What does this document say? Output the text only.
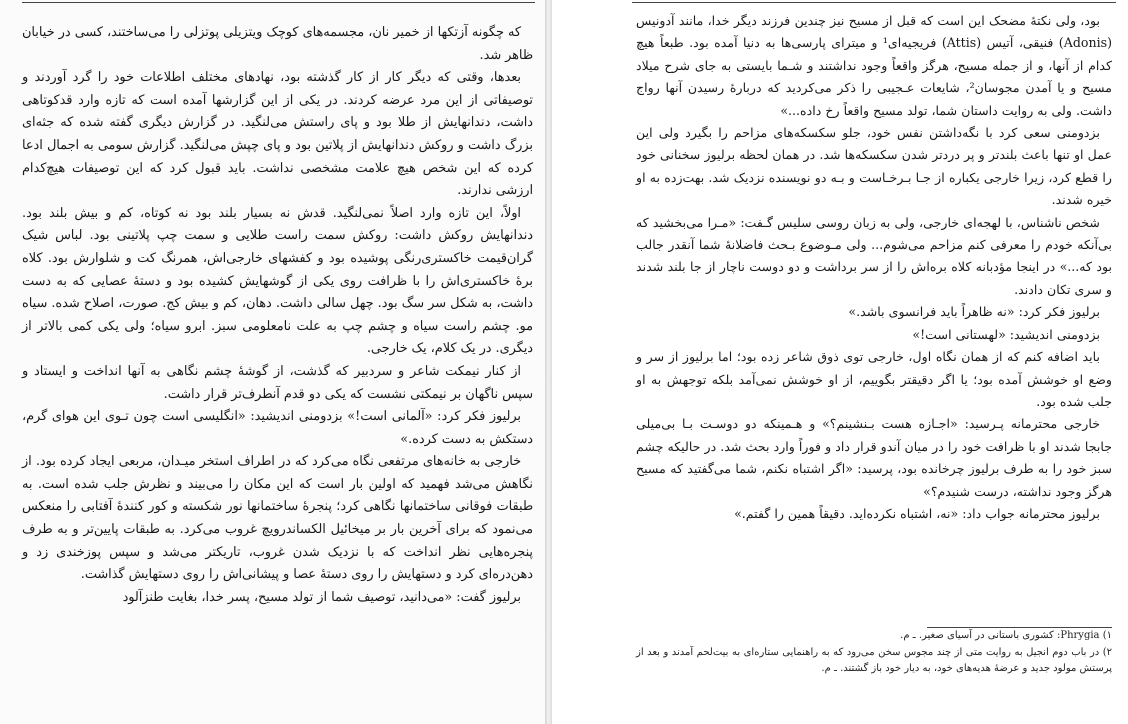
که چگونه آزتکها از خمیر نان، مجسمه‌های کوچک ویتزیلی پوتزلی را می‌ساختند، کسی در خیابان ظاهر شد.

بعدها، وقتی که دیگر کار از کار گذشته بود، نهادهای مختلف اطلاعات خود را گرد آوردند و توصیفاتی از این مرد عرضه کردند. در یکی از این گزارشها آمده است که تازه وارد قدکوتاهی داشت، دندانهایش از طلا بود و پای راستش می‌لنگید. در گزارش دیگری گفته شده که جثه‌ای بزرگ داشت و روکش دندانهایش از پلاتین بود و پای چپش می‌لنگید. گزارش سومی به اجمال ادعا کرده که این شخص هیچ علامت مشخصی نداشت. باید قبول کرد که این توصیفات هیچ‌کدام ارزشی ندارند.

اولاً، این تازه وارد اصلاً نمی‌لنگید. قدش نه بسیار بلند بود نه کوتاه، کم و بیش بلند بود. دندانهایش روکش داشت: روکش سمت راست طلایی و سمت چپ پلاتینی بود. لباس شیک گران‌قیمت خاکستری‌رنگی پوشیده بود و کفشهای خارجی‌اش، همرنگ کت و شلوارش بود. کلاه برهٔ خاکستری‌اش را با ظرافت روی یکی از گوشهایش کشیده بود و دستهٔ عصایی که به دست داشت، به شکل سر سگ بود. چهل سالی داشت. دهان، کم و بیش کج. صورت، اصلاح شده. سیاه مو. چشم راست سیاه و چشم چپ به علت نامعلومی سبز. ابرو سیاه؛ ولی یکی کمی بالاتر از دیگری. در یک کلام، یک خارجی.

از کنار نیمکت شاعر و سردبیر که گذشت، از گوشهٔ چشم نگاهی به آنها انداخت و ایستاد و سپس ناگهان بر نیمکتی نشست که یکی دو قدم آنطرف‌تر قرار داشت.

برلیوز فکر کرد: «آلمانی است!» بزدومنی اندیشید: «انگلیسی است چون تـوی این هوای گرم، دستکش به دست کرده.»

خارجی به خانه‌های مرتفعی نگاه می‌کرد که در اطراف استخر میـدان، مربعی ایجاد کرده بود. از نگاهش می‌شد فهمید که اولین بار است که این مکان را می‌بیند و نظرش جلب شده است. به طبقات فوقانی ساختمانها نگاهی کرد؛ پنجرهٔ ساختمانها نور شکسته و کور کنندهٔ آفتابی را منعکس می‌نمود که برای آخرین بار بر میخائیل الکساندرویچ غروب می‌کرد. به طبقات پایین‌تر و به طرف پنجره‌هایی نظر انداخت که با نزدیک شدن غروب، تاریکتر می‌شد و سپس پوزخندی زد و دهن‌دره‌ای کرد و دستهایش را روی دستهٔ عصا و پیشانی‌اش را روی دستهایش گذاشت.

برلیوز گفت: «می‌دانید، توصیف شما از تولد مسیح، پسر خدا، بغایت طنزآلود

بود، ولی نکتهٔ مضحک این است که قبل از مسیح نیز چندین فرزند دیگر خدا، مانند آدونیس (Adonis) فنیقی، آتیس (Attis) فریجیه‌ای¹ و میترای پارسی‌ها به دنیا آمده بود. طبعاً هیچ کدام از آنها، و از جمله مسیح، هرگز واقعاً وجود نداشتند و شـما بایستی به جای شرح میلاد مسیح و یا آمدن مجوسان²، شایعات عـجیبی را ذکر می‌کردید که دربارهٔ رسیدن آنها رواج داشت. ولی به روایت داستان شما، تولد مسیح واقعاً رخ داده...»

بزدومنی سعی کرد با نگه‌داشتن نفس خود، جلو سکسکه‌های مزاحم را بگیرد ولی این عمل او تنها باعث بلندتر و پر دردتر شدن سکسکه‌ها شد. در همان لحظه برلیوز سخنانی خود را قطع کرد، زیرا خارجی یکباره از جـا بـرخـاست و بـه دو نویسنده نزدیک شد. بهت‌زده به او خیره شدند.

شخص ناشناس، با لهجه‌ای خارجی، ولی به زبان روسی سلیس گـفت: «مـرا می‌بخشید که بی‌آنکه خودم را معرفی کنم مزاحم می‌شوم... ولی مـوضوع بـحث فاضلانهٔ شما آنقدر جالب بود که...» در اینجا مؤدبانه کلاه بره‌اش را از سر برداشت و دو دوست ناچار از جا بلند شدند و سری تکان دادند.

برلیوز فکر کرد: «نه ظاهراً باید فرانسوی باشد.»

بزدومنی اندیشید: «لهستانی است!»

باید اضافه کنم که از همان نگاه اول، خارجی توی ذوق شاعر زده بود؛ اما برلیوز از سر و وضع او خوشش آمده بود؛ یا اگر دقیقتر بگوییم، از او خوشش نمی‌آمد بلکه توجهش به او جلب شده بود.

خارجی محترمانه پـرسید: «اجـازه هست بـنشینم؟» و هـمینکه دو دوسـت بـا بی‌میلی جابجا شدند او با ظرافت خود را در میان آندو قرار داد و فوراً وارد بحث شد. در حالیکه چشم سبز خود را به طرف برلیوز چرخانده بود، پرسید: «اگر اشتباه نکنم، شما می‌گفتید که مسیح هرگز وجود نداشته، درست شنیدم؟»

برلیوز محترمانه جواب داد: «نه، اشتباه نکرده‌اید. دقیقاً همین را گفتم.»

۱) Phrygia: کشوری باستانی در آسیای صغیر. ـ م.

۲) در باب دوم انجیل به روایت متی از چند مجوس سخن می‌رود که به راهنمایی ستاره‌ای به بیت‌لحم آمدند و بعد از پرستش مولود جدید و عرضهٔ هدیه‌های خود، به دیار خود باز گشتند. ـ م.
